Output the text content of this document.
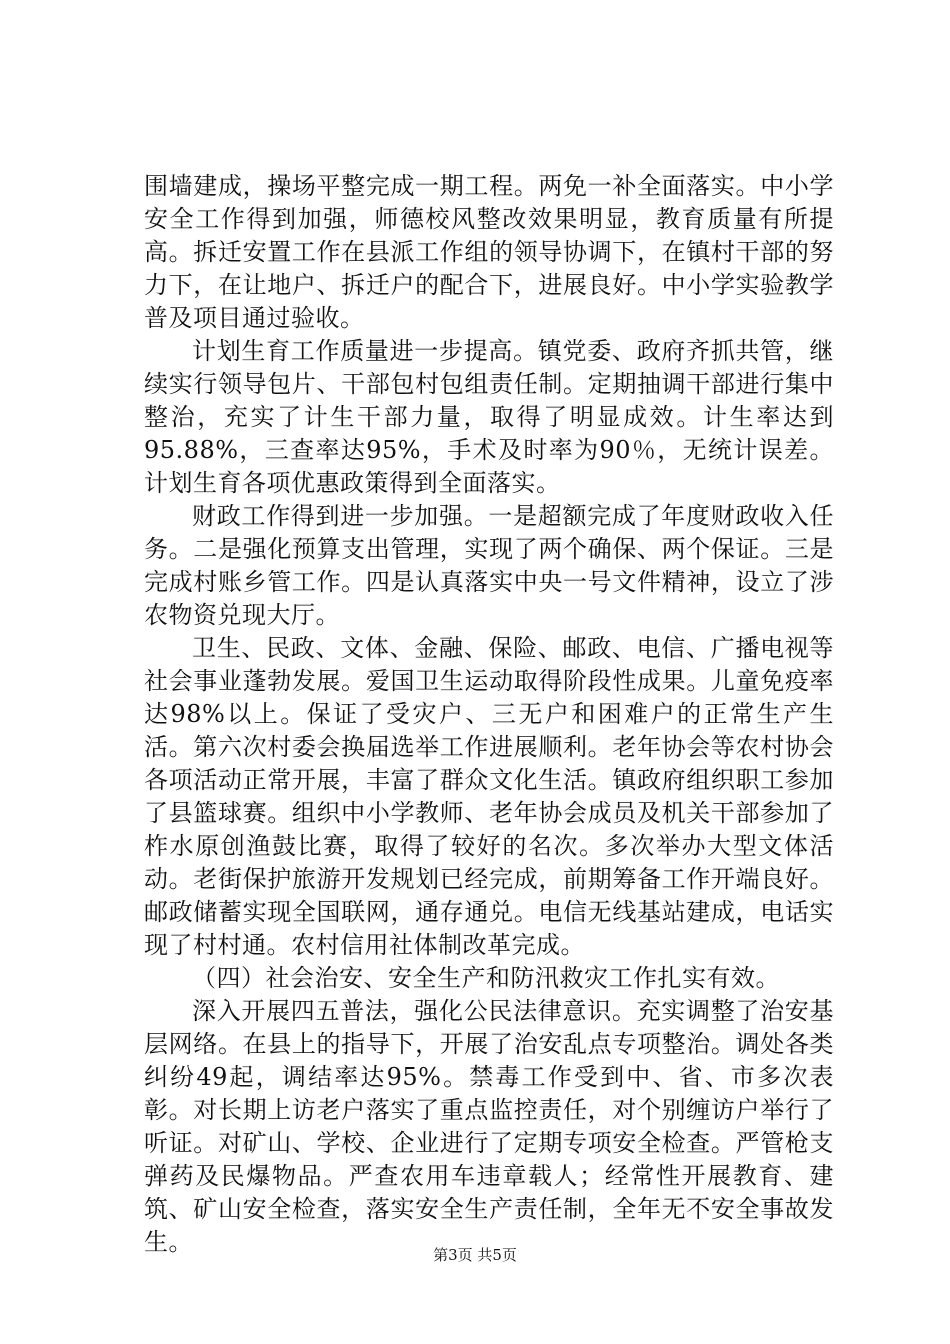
围墙建成，操场平整完成一期工程。两免一补全面落实。中小学安全工作得到加强，师德校风整改效果明显，教育质量有所提高。拆迁安置工作在县派工作组的领导协调下，在镇村干部的努力下，在让地户、拆迁户的配合下，进展良好。中小学实验教学普及项目通过验收。

计划生育工作质量进一步提高。镇党委、政府齐抓共管，继续实行领导包片、干部包村包组责任制。定期抽调干部进行集中整治，充实了计生干部力量，取得了明显成效。计生率达到95.88%，三查率达95%，手术及时率为90％，无统计误差。计划生育各项优惠政策得到全面落实。

财政工作得到进一步加强。一是超额完成了年度财政收入任务。二是强化预算支出管理，实现了两个确保、两个保证。三是完成村账乡管工作。四是认真落实中央一号文件精神，设立了涉农物资兑现大厅。

卫生、民政、文体、金融、保险、邮政、电信、广播电视等社会事业蓬勃发展。爱国卫生运动取得阶段性成果。儿童免疫率达98%以上。保证了受灾户、三无户和困难户的正常生产生活。第六次村委会换届选举工作进展顺利。老年协会等农村协会各项活动正常开展，丰富了群众文化生活。镇政府组织职工参加了县篮球赛。组织中小学教师、老年协会成员及机关干部参加了柞水原创渔鼓比赛，取得了较好的名次。多次举办大型文体活动。老街保护旅游开发规划已经完成，前期筹备工作开端良好。邮政储蓄实现全国联网，通存通兑。电信无线基站建成，电话实现了村村通。农村信用社体制改革完成。

（四）社会治安、安全生产和防汛救灾工作扎实有效。

深入开展四五普法，强化公民法律意识。充实调整了治安基层网络。在县上的指导下，开展了治安乱点专项整治。调处各类纠纷49起，调结率达95%。禁毒工作受到中、省、市多次表彰。对长期上访老户落实了重点监控责任，对个别缠访户举行了听证。对矿山、学校、企业进行了定期专项安全检查。严管枪支弹药及民爆物品。严查农用车违章载人；经常性开展教育、建筑、矿山安全检查，落实安全生产责任制，全年无不安全事故发生。	第3页 共5页
